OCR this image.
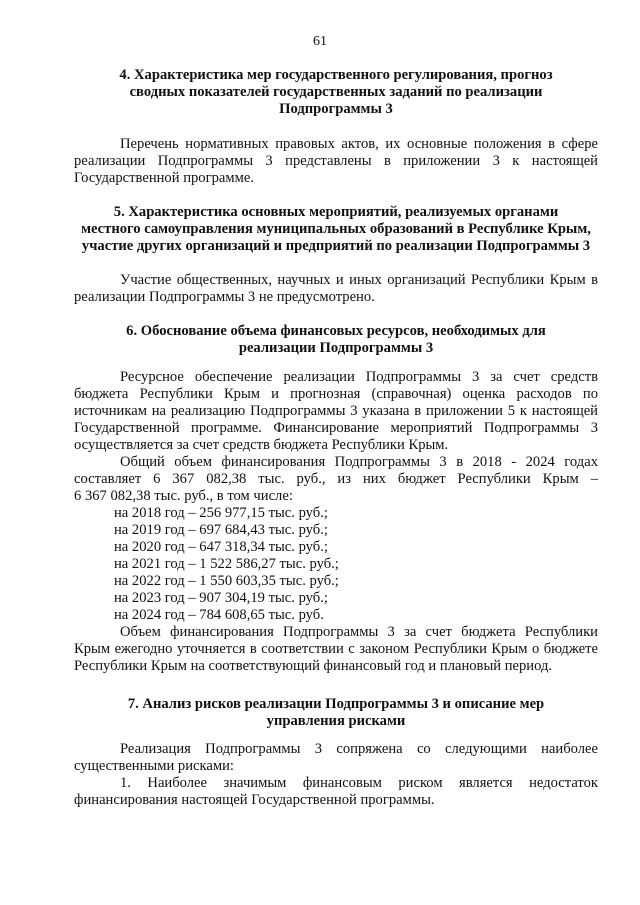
61
4. Характеристика мер государственного регулирования, прогноз
сводных показателей государственных заданий по реализации
Подпрограммы 3

Перечень нормативных правовых актов, их основные положения в сфере реализации Подпрограммы 3 представлены в приложении 3 к настоящей Государственной программе.

5. Характеристика основных мероприятий, реализуемых органами
местного самоуправления муниципальных образований в Республике Крым,
участие других организаций и предприятий по реализации Подпрограммы 3

Участие общественных, научных и иных организаций Республики Крым в реализации Подпрограммы 3 не предусмотрено.

6. Обоснование объема финансовых ресурсов, необходимых для
реализации Подпрограммы 3

Ресурсное обеспечение реализации Подпрограммы 3 за счет средств бюджета Республики Крым и прогнозная (справочная) оценка расходов по источникам на реализацию Подпрограммы 3 указана в приложении 5 к настоящей Государственной программе. Финансирование мероприятий Подпрограммы 3 осуществляется за счет средств бюджета Республики Крым.

Общий объем финансирования Подпрограммы 3 в 2018 - 2024 годах
составляет 6 367 082,38 тыс. руб., из них бюджет Республики Крым –
6 367 082,38 тыс. руб., в том числе:
на 2018 год – 256 977,15 тыс. руб.;
на 2019 год – 697 684,43 тыс. руб.;
на 2020 год – 647 318,34 тыс. руб.;
на 2021 год – 1 522 586,27 тыс. руб.;
на 2022 год – 1 550 603,35 тыс. руб.;
на 2023 год – 907 304,19 тыс. руб.;
на 2024 год – 784 608,65 тыс. руб.

Объем финансирования Подпрограммы 3 за счет бюджета Республики Крым ежегодно уточняется в соответствии с законом Республики Крым о бюджете Республики Крым на соответствующий финансовый год и плановый период.

7. Анализ рисков реализации Подпрограммы 3 и описание мер
управления рисками

Реализация Подпрограммы 3 сопряжена со следующими наиболее существенными рисками:

1. Наиболее значимым финансовым риском является недостаток финансирования настоящей Государственной программы.
